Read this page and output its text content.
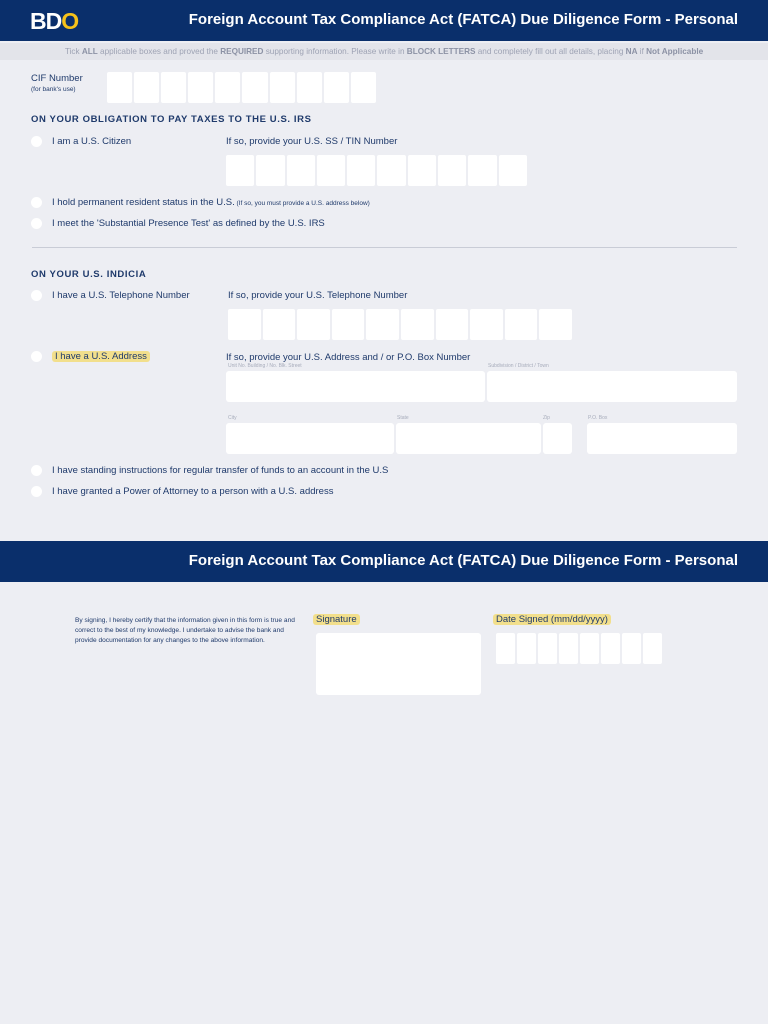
BDO	Foreign Account Tax Compliance Act (FATCA) Due Diligence Form - Personal
Tick ALL applicable boxes and proved the REQUIRED supporting information. Please write in BLOCK LETTERS and completely fill out all details, placing NA if Not Applicable
CIF Number
(for bank's use)
ON YOUR OBLIGATION TO PAY TAXES TO THE U.S. IRS
I am a U.S. Citizen	If so, provide your U.S. SS / TIN Number
I hold permanent resident status in the U.S. (If so, you must provide a U.S. address below)
I meet the 'Substantial Presence Test' as defined by the U.S. IRS
ON YOUR U.S. INDICIA
I have a U.S. Telephone Number	If so, provide your U.S. Telephone Number
I have a U.S. Address	If so, provide your U.S. Address and / or P.O. Box Number
Unit No. Building / No. Blk. Street	Subdivision / District / Town
City	State	Zip	P.O. Box
I have standing instructions for regular transfer of funds to an account in the U.S
I have granted a Power of Attorney to a person with a U.S. address
Foreign Account Tax Compliance Act (FATCA) Due Diligence Form - Personal
By signing, I hereby certify that the information given in this form is true and correct to the best of my knowledge. I undertake to advise the bank and provide documentation for any changes to the above information.
Signature	Date Signed (mm/dd/yyyy)
